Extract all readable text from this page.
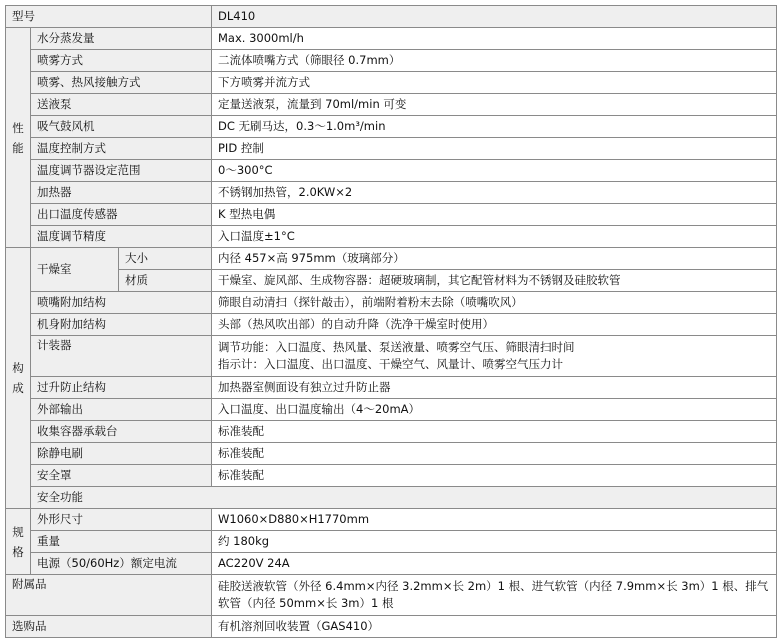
型号			DL410	

性
能	水分蒸发量		Max. 3000ml/h	
	喷雾方式		二流体喷嘴方式（筛眼径 0.7mm）	
	喷雾、热风接触方式		下方喷雾并流方式	
	送液泵		定量送液泵，流量到 70ml/min 可变	
	吸气鼓风机		DC 无刷马达，0.3～1.0m³/min	
	温度控制方式		PID 控制	
	温度调节器设定范围		0～300°C	
	加热器		不锈钢加热管，2.0KW×2	
	出口温度传感器		K 型热电偶	
	温度调节精度		入口温度±1°C	

构
成	干燥室	大小	内径 457×高 975mm（玻璃部分）	
		材质	干燥室、旋风部、生成物容器：超硬玻璃制，其它配管材料为不锈钢及硅胶软管	
	喷嘴附加结构		筛眼自动清扫（探针敲击），前端附着粉末去除（喷嘴吹风）	
	机身附加结构		头部（热风吹出部）的自动升降（洗净干燥室时使用）	
	计装器		调节功能：入口温度、热风量、泵送液量、喷雾空气压、筛眼清扫时间
指示计：入口温度、出口温度、干燥空气、风量计、喷雾空气压力计	

	过升防止结构		加热器室侧面设有独立过升防止器	
	外部输出		入口温度、出口温度输出（4～20mA）	
	收集容器承载台		标准装配	
	除静电刷		标准装配	
	安全罩		标准装配	
	安全功能	

规
格	外形尺寸		W1060×D880×H1770mm	
	重量		约 180kg	
	电源（50/60Hz）额定电流		AC220V 24A	
附属品			硅胶送液软管（外径 6.4mm×内径 3.2mm×长 2m）1 根、进气软管（内径 7.9mm×长 3m）1 根、排气软管（内径 50mm×长 3m）1 根	
选购品			有机溶剂回收装置（GAS410）	
